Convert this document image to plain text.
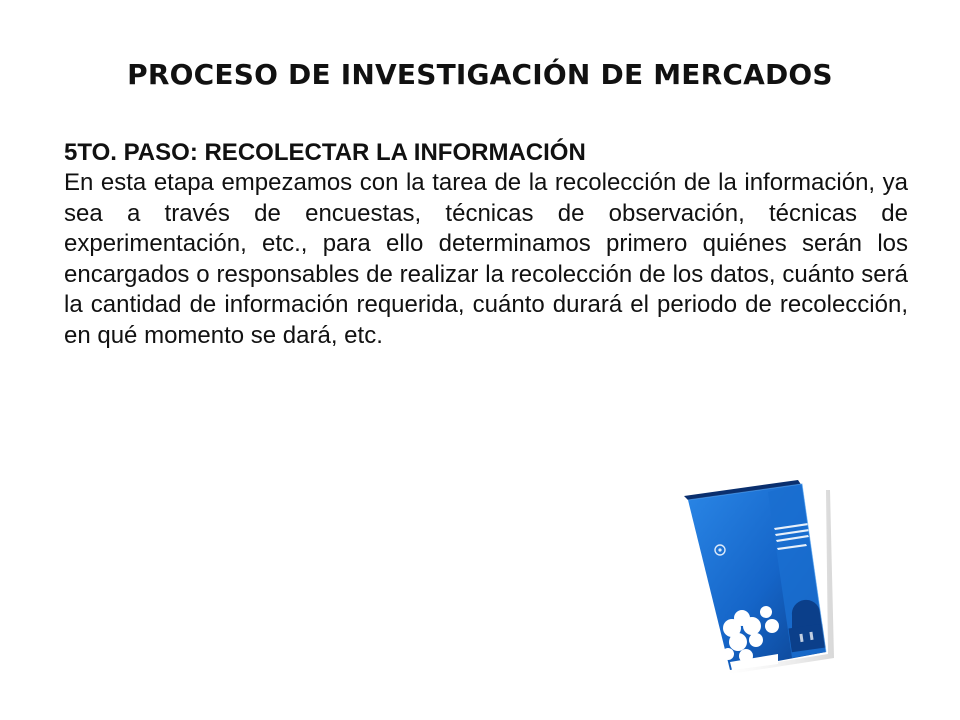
PROCESO DE INVESTIGACIÓN DE MERCADOS

5TO. PASO: RECOLECTAR LA INFORMACIÓN

En esta etapa empezamos con la tarea de la recolección de la información, ya sea a través de encuestas, técnicas de observación, técnicas de experimentación, etc., para ello determinamos primero quiénes serán los encargados o responsables de realizar la recolección de los datos, cuánto será la cantidad de información requerida, cuánto durará el periodo de recolección, en qué momento se dará, etc.
